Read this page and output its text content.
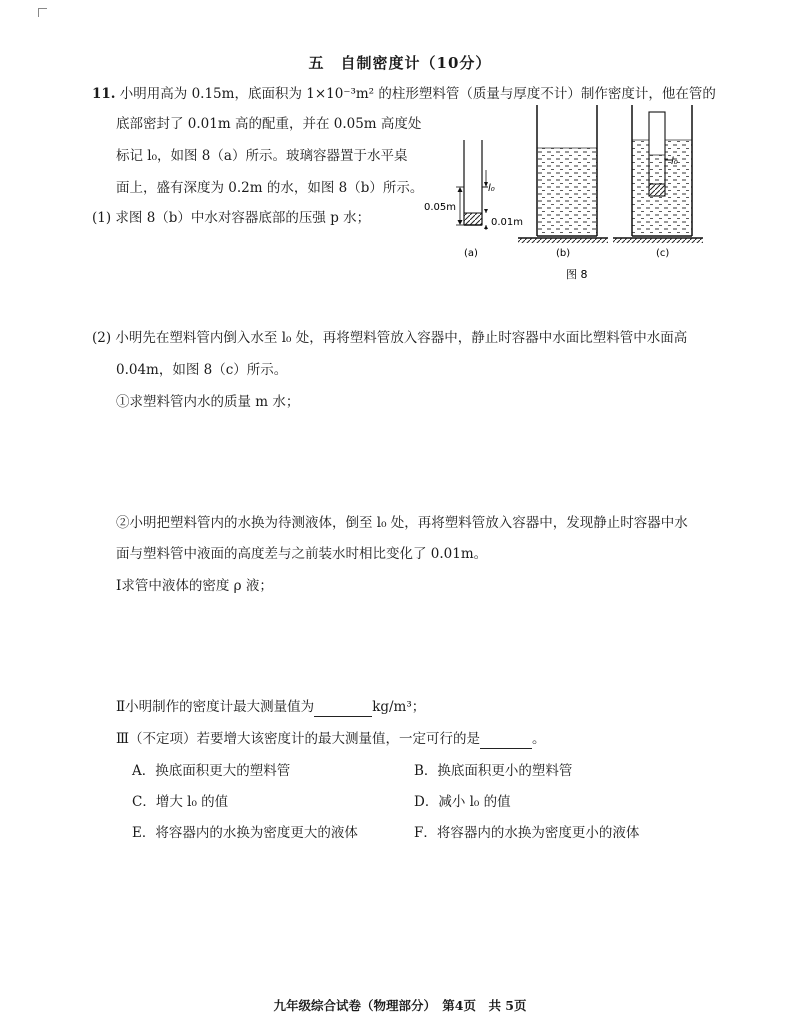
五　自制密度计（10分）
11. 小明用高为 0.15m，底面积为 1×10⁻³m² 的柱形塑料管（质量与厚度不计）制作密度计，他在管的
底部密封了 0.01m 高的配重，并在 0.05m 高度处
标记 l₀，如图 8（a）所示。玻璃容器置于水平桌
面上，盛有深度为 0.2m 的水，如图 8（b）所示。
(1) 求图 8（b）中水对容器底部的压强 p 水；
l₀
0.05m
0.01m
(a)	(b)
l₀
(c)
图 8
(2) 小明先在塑料管内倒入水至 l₀ 处，再将塑料管放入容器中，静止时容器中水面比塑料管中水面高
0.04m，如图 8（c）所示。
①求塑料管内水的质量 m 水；
②小明把塑料管内的水换为待测液体，倒至 l₀ 处，再将塑料管放入容器中，发现静止时容器中水
面与塑料管中液面的高度差与之前装水时相比变化了 0.01m。
Ⅰ求管中液体的密度 ρ 液；
Ⅱ小明制作的密度计最大测量值为	kg/m³；
Ⅲ（不定项）若要增大该密度计的最大测量值，一定可行的是	。
A．换底面积更大的塑料管	B．换底面积更小的塑料管
C．增大 l₀ 的值	D．减小 l₀ 的值
E．将容器内的水换为密度更大的液体	F．将容器内的水换为密度更小的液体
九年级综合试卷（物理部分）　第4页　共 5页
